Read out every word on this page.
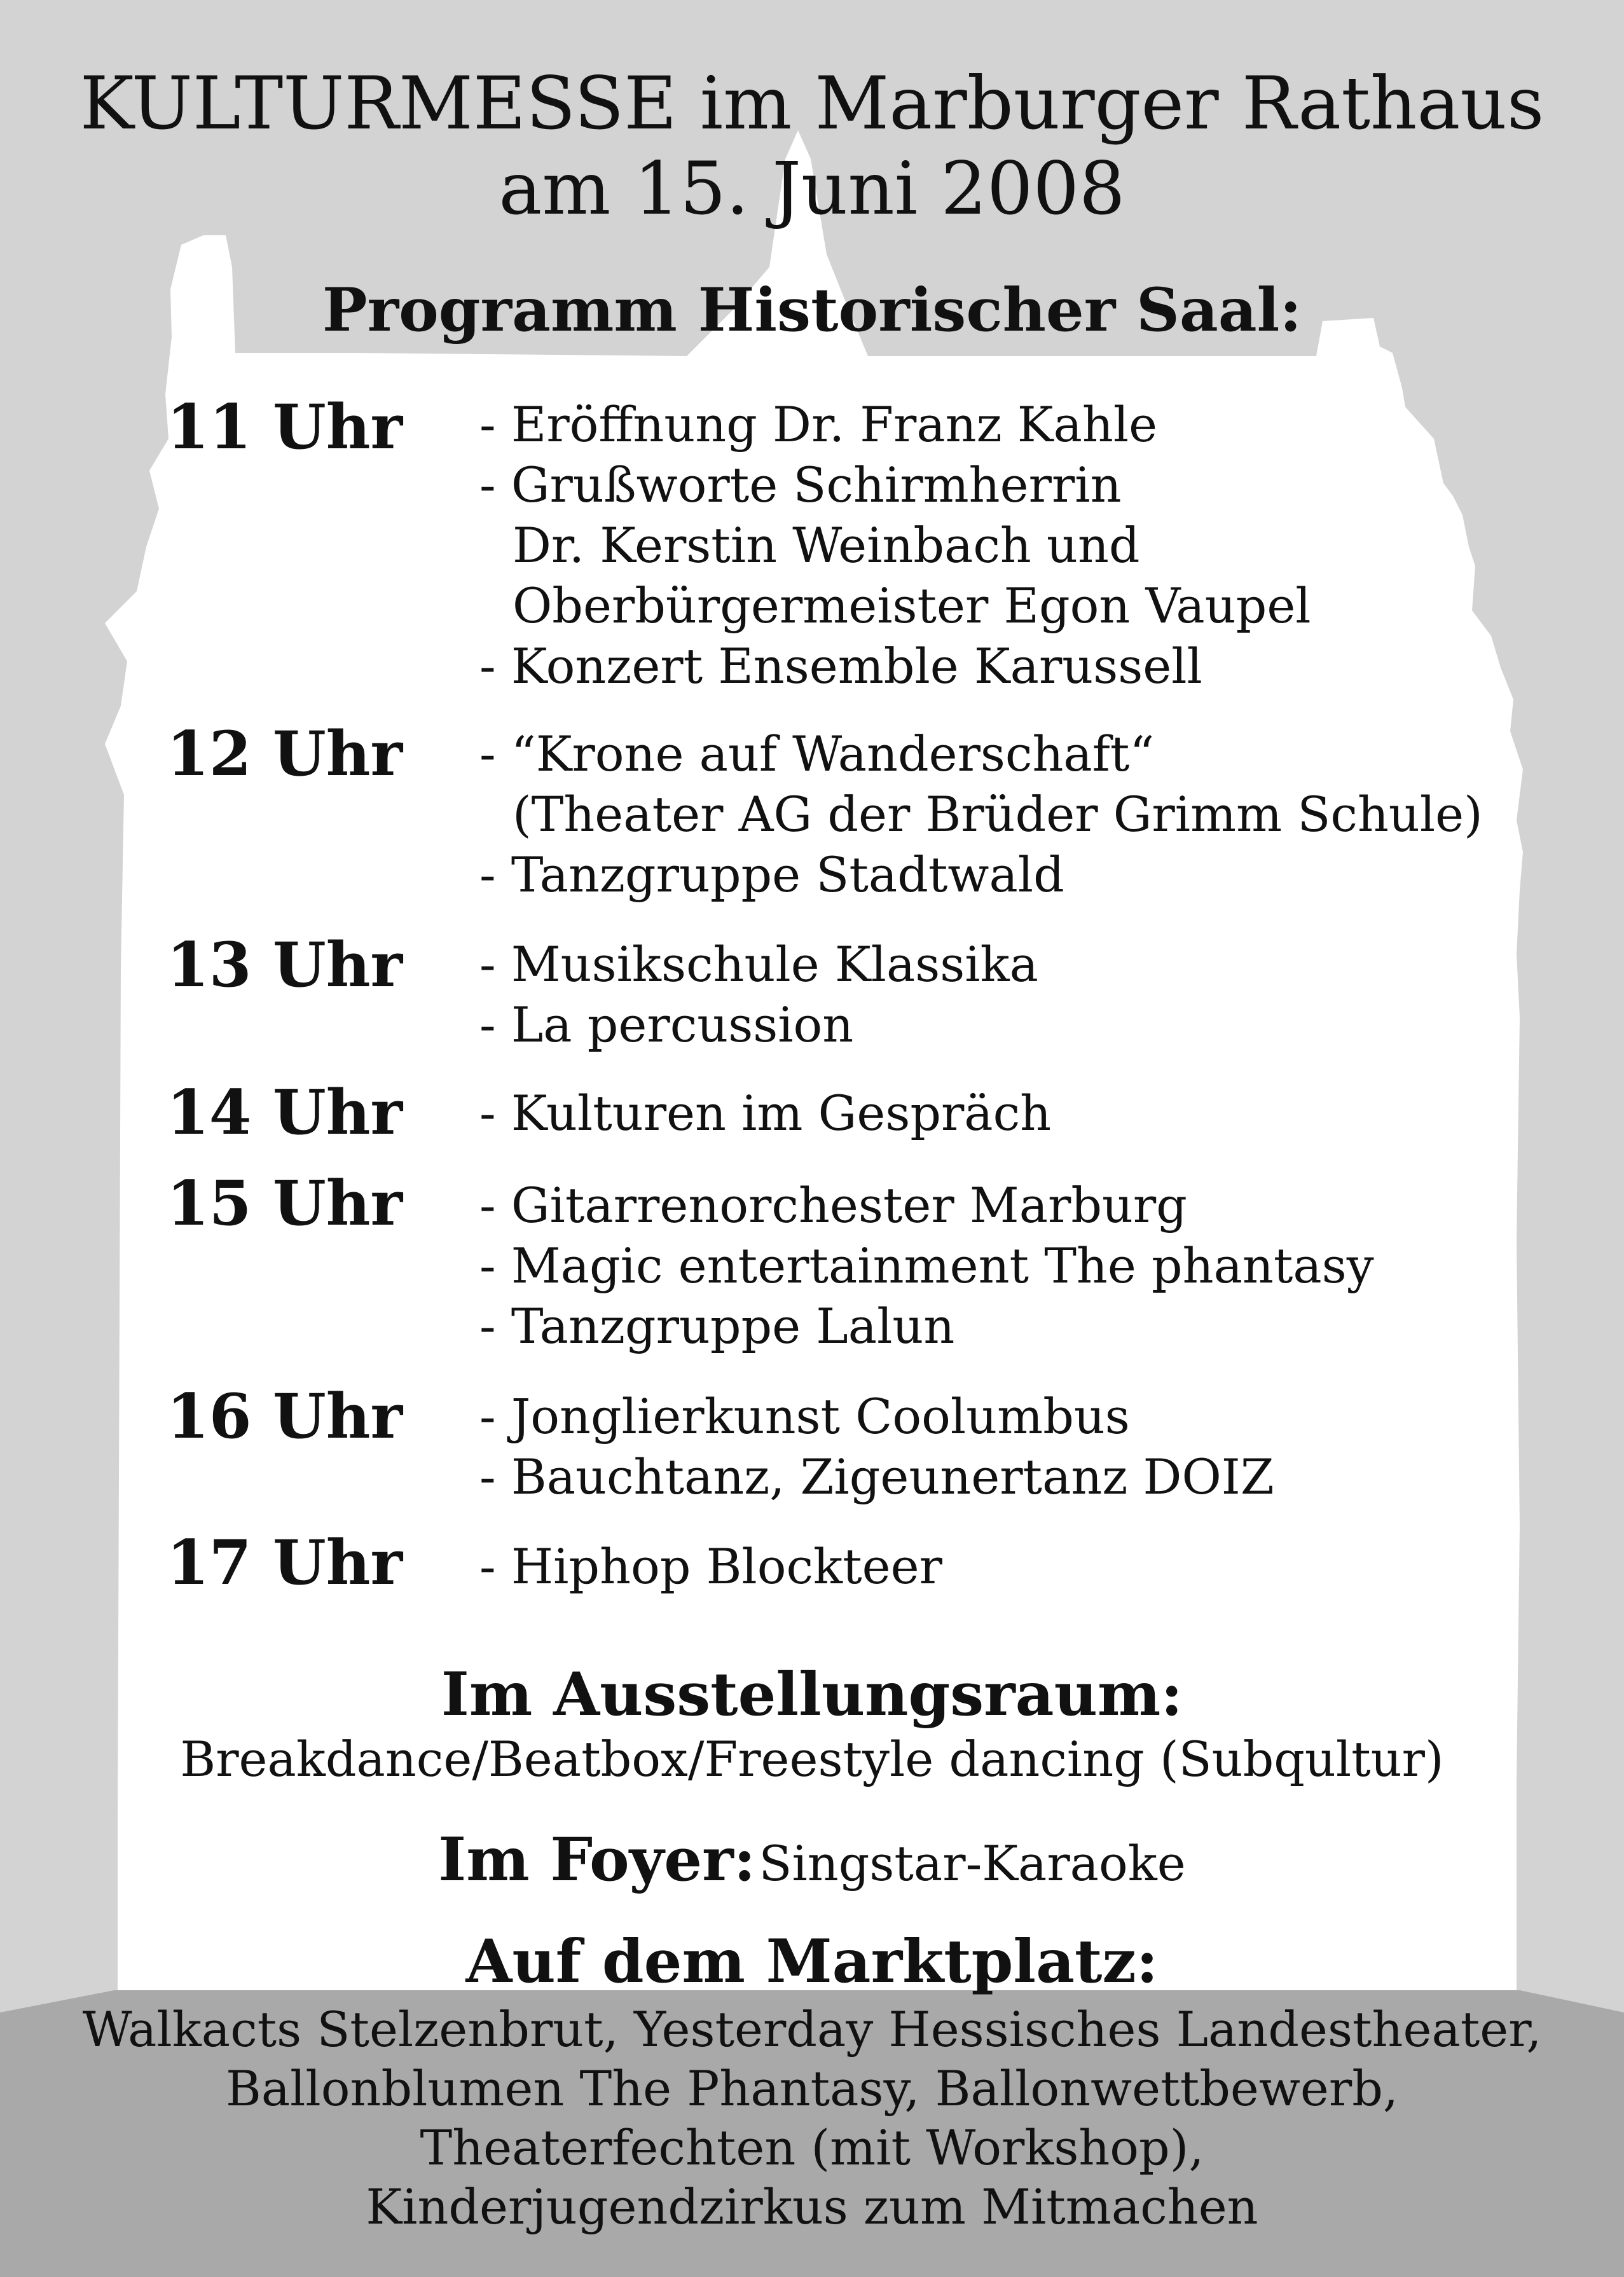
KULTURMESSE im Marburger Rathaus
am 15. Juni 2008
Programm Historischer Saal:
11 Uhr - Eröffnung Dr. Franz Kahle
- Grußworte Schirmherrin
Dr. Kerstin Weinbach und
Oberbürgermeister Egon Vaupel
- Konzert Ensemble Karussell
12 Uhr - “Krone auf Wanderschaft“
(Theater AG der Brüder Grimm Schule)
- Tanzgruppe Stadtwald
13 Uhr - Musikschule Klassika
- La percussion
14 Uhr - Kulturen im Gespräch
15 Uhr - Gitarrenorchester Marburg
- Magic entertainment The phantasy
- Tanzgruppe Lalun
16 Uhr - Jonglierkunst Coolumbus
- Bauchtanz, Zigeunertanz DOIZ
17 Uhr - Hiphop Blockteer
Im Ausstellungsraum:
Breakdance/Beatbox/Freestyle dancing (Subqultur)
Im Foyer: Singstar-Karaoke
Auf dem Marktplatz:
Walkacts Stelzenbrut, Yesterday Hessisches Landestheater,
Ballonblumen The Phantasy, Ballonwettbewerb,
Theaterfechten (mit Workshop),
Kinderjugendzirkus zum Mitmachen
